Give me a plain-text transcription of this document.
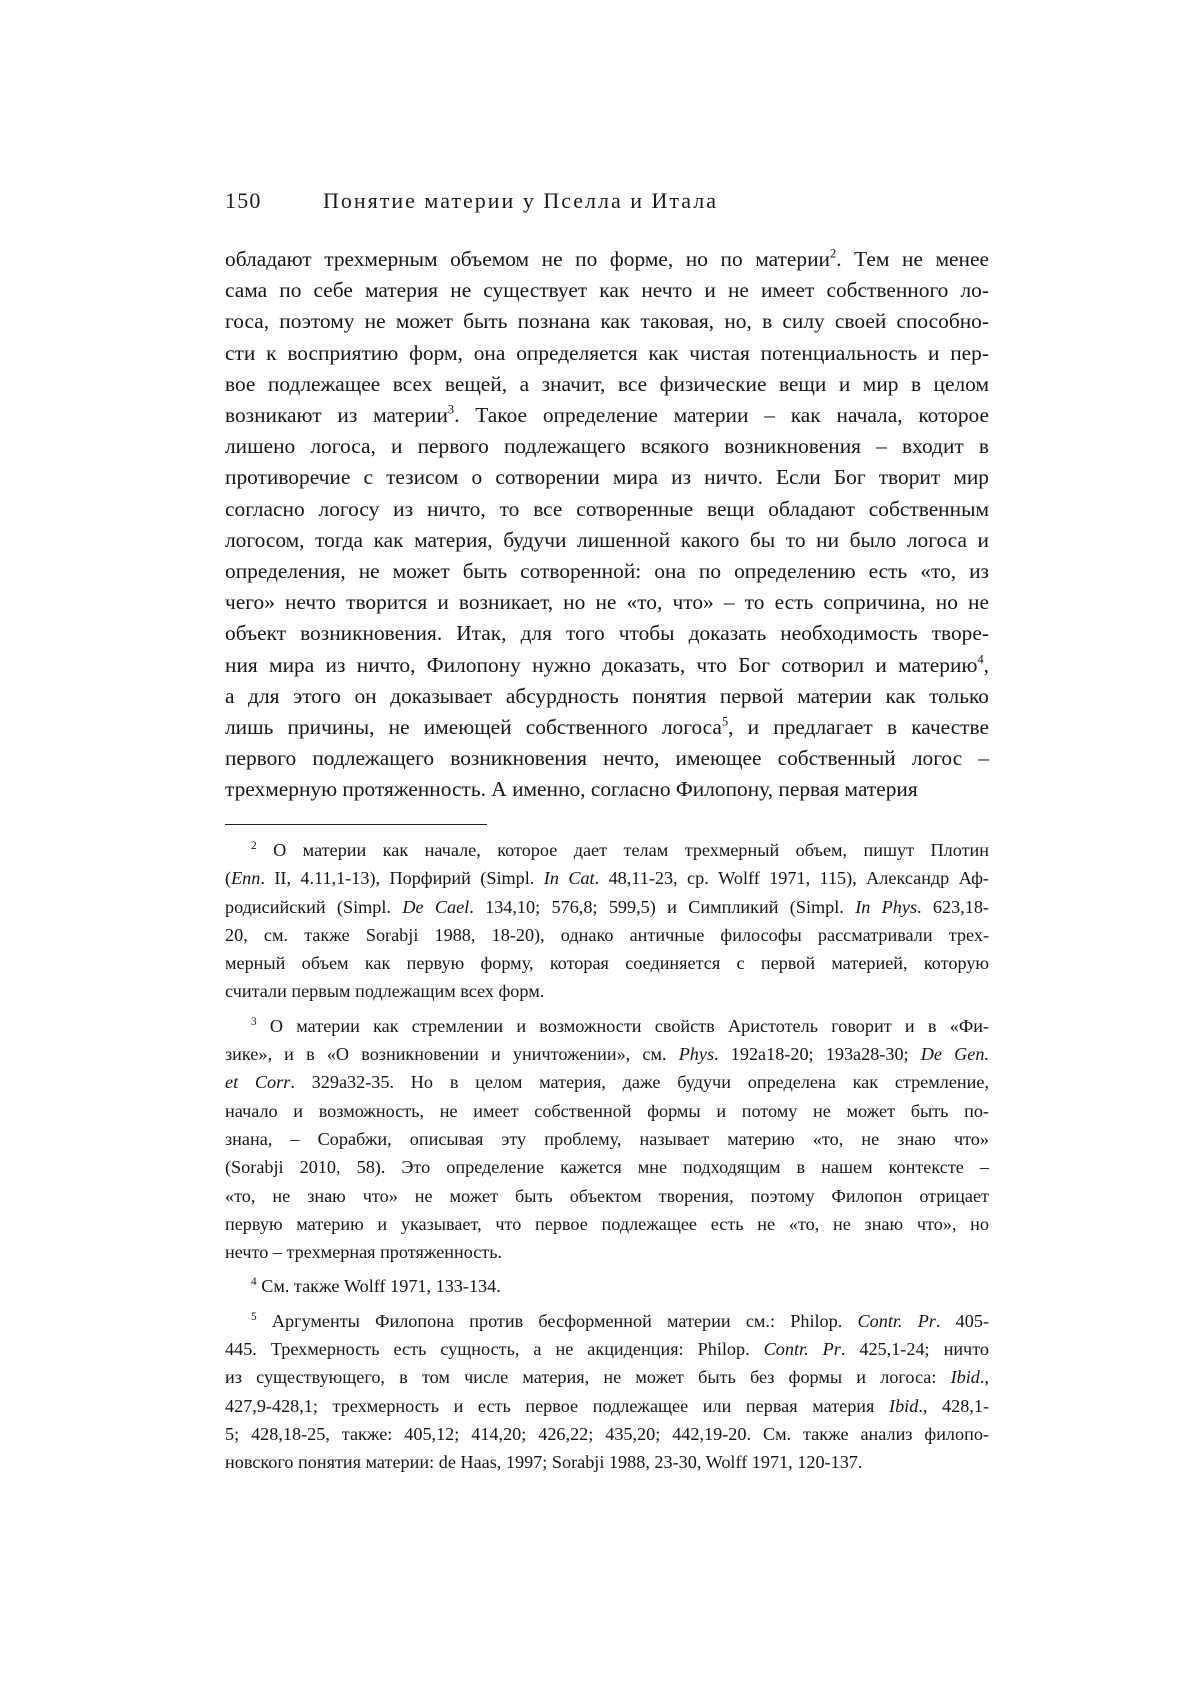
150	Понятие материи у Пселла и Итала

обладают трехмерным объемом не по форме, но по материи$^2$. Тем не менее
сама по себе материя не существует как нечто и не имеет собственного ло-
госа, поэтому не может быть познана как таковая, но, в силу своей способно-
сти к восприятию форм, она определяется как чистая потенциальность и пер-
вое подлежащее всех вещей, а значит, все физические вещи и мир в целом
возникают из материи$^3$. Такое определение материи – как начала, которое
лишено логоса, и первого подлежащего всякого возникновения – входит в
противоречие с тезисом о сотворении мира из ничто. Если Бог творит мир
согласно логосу из ничто, то все сотворенные вещи обладают собственным
логосом, тогда как материя, будучи лишенной какого бы то ни было логоса и
определения, не может быть сотворенной: она по определению есть «то, из
чего» нечто творится и возникает, но не «то, что» – то есть сопричина, но не
объект возникновения. Итак, для того чтобы доказать необходимость творе-
ния мира из ничто, Филопону нужно доказать, что Бог сотворил и материю$^4$,
а для этого он доказывает абсурдность понятия первой материи как только
лишь причины, не имеющей собственного логоса$^5$, и предлагает в качестве
первого подлежащего возникновения нечто, имеющее собственный логос –
трехмерную протяженность. А именно, согласно Филопону, первая материя

$^2$ О материи как начале, которое дает телам трехмерный объем, пишут Плотин
(Enn. II, 4.11,1-13), Порфирий (Simpl. In Cat. 48,11-23, ср. Wolff 1971, 115), Александр Аф-
родисийский (Simpl. De Cael. 134,10; 576,8; 599,5) и Симпликий (Simpl. In Phys. 623,18-
20, см. также Sorabji 1988, 18-20), однако античные философы рассматривали трех-
мерный объем как первую форму, которая соединяется с первой материей, которую
считали первым подлежащим всех форм.
$^3$ О материи как стремлении и возможности свойств Аристотель говорит и в «Фи-
зике», и в «О возникновении и уничтожении», см. Phys. 192a18-20; 193a28-30; De Gen.
et Corr. 329a32-35. Но в целом материя, даже будучи определена как стремление,
начало и возможность, не имеет собственной формы и потому не может быть по-
знана, – Сорабжи, описывая эту проблему, называет материю «то, не знаю что»
(Sorabji 2010, 58). Это определение кажется мне подходящим в нашем контексте –
«то, не знаю что» не может быть объектом творения, поэтому Филопон отрицает
первую материю и указывает, что первое подлежащее есть не «то, не знаю что», но
нечто – трехмерная протяженность.
$^4$ См. также Wolff 1971, 133-134.
$^5$ Аргументы Филопона против бесформенной материи см.: Philop. Contr. Pr. 405-
445. Трехмерность есть сущность, а не акциденция: Philop. Contr. Pr. 425,1-24; ничто
из существующего, в том числе материя, не может быть без формы и логоса: Ibid.,
427,9-428,1; трехмерность и есть первое подлежащее или первая материя Ibid., 428,1-
5; 428,18-25, также: 405,12; 414,20; 426,22; 435,20; 442,19-20. См. также анализ филопо-
новского понятия материи: de Haas, 1997; Sorabji 1988, 23-30, Wolff 1971, 120-137.
